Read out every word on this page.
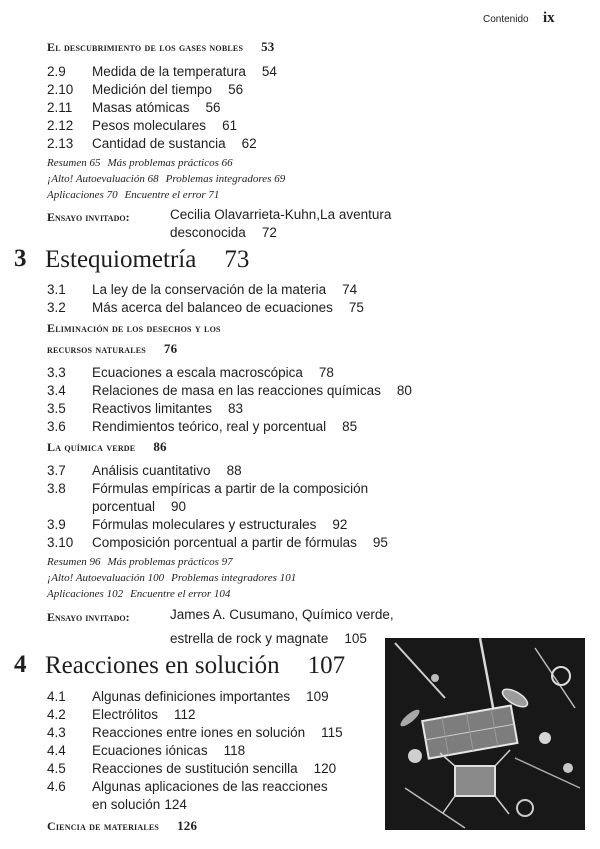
Contenido ix
El descubrimiento de los gases nobles 53
2.9 Medida de la temperatura 54
2.10 Medición del tiempo 56
2.11 Masas atómicas 56
2.12 Pesos moleculares 61
2.13 Cantidad de sustancia 62
Resumen 65 Más problemas prácticos 66
¡Alto! Autoevaluación 68 Problemas integradores 69
Aplicaciones 70 Encuentre el error 71
Ensayo invitado:	Cecilia Olavarrieta-Kuhn,La aventura
desconocida 72
3 Estequiometría 73
3.1 La ley de la conservación de la materia 74
3.2 Más acerca del balanceo de ecuaciones 75
Eliminación de los desechos y los
recursos naturales 76
3.3 Ecuaciones a escala macroscópica 78
3.4 Relaciones de masa en las reacciones químicas 80
3.5 Reactivos limitantes 83
3.6 Rendimientos teórico, real y porcentual 85
La química verde 86
3.7 Análisis cuantitativo 88
3.8 Fórmulas empíricas a partir de la composición
porcentual 90
3.9 Fórmulas moleculares y estructurales 92
3.10 Composición porcentual a partir de fórmulas 95
Resumen 96 Más problemas prácticos 97
¡Alto! Autoevaluación 100 Problemas integradores 101
Aplicaciones 102 Encuentre el error 104
Ensayo invitado:	James A. Cusumano, Químico verde,
estrella de rock y magnate 105
4 Reacciones en solución 107
4.1 Algunas definiciones importantes 109
4.2 Electrólitos 112
4.3 Reacciones entre iones en solución 115
4.4 Ecuaciones iónicas 118
4.5 Reacciones de sustitución sencilla 120
4.6 Algunas aplicaciones de las reacciones
en solución 124
Ciencia de materiales 126
